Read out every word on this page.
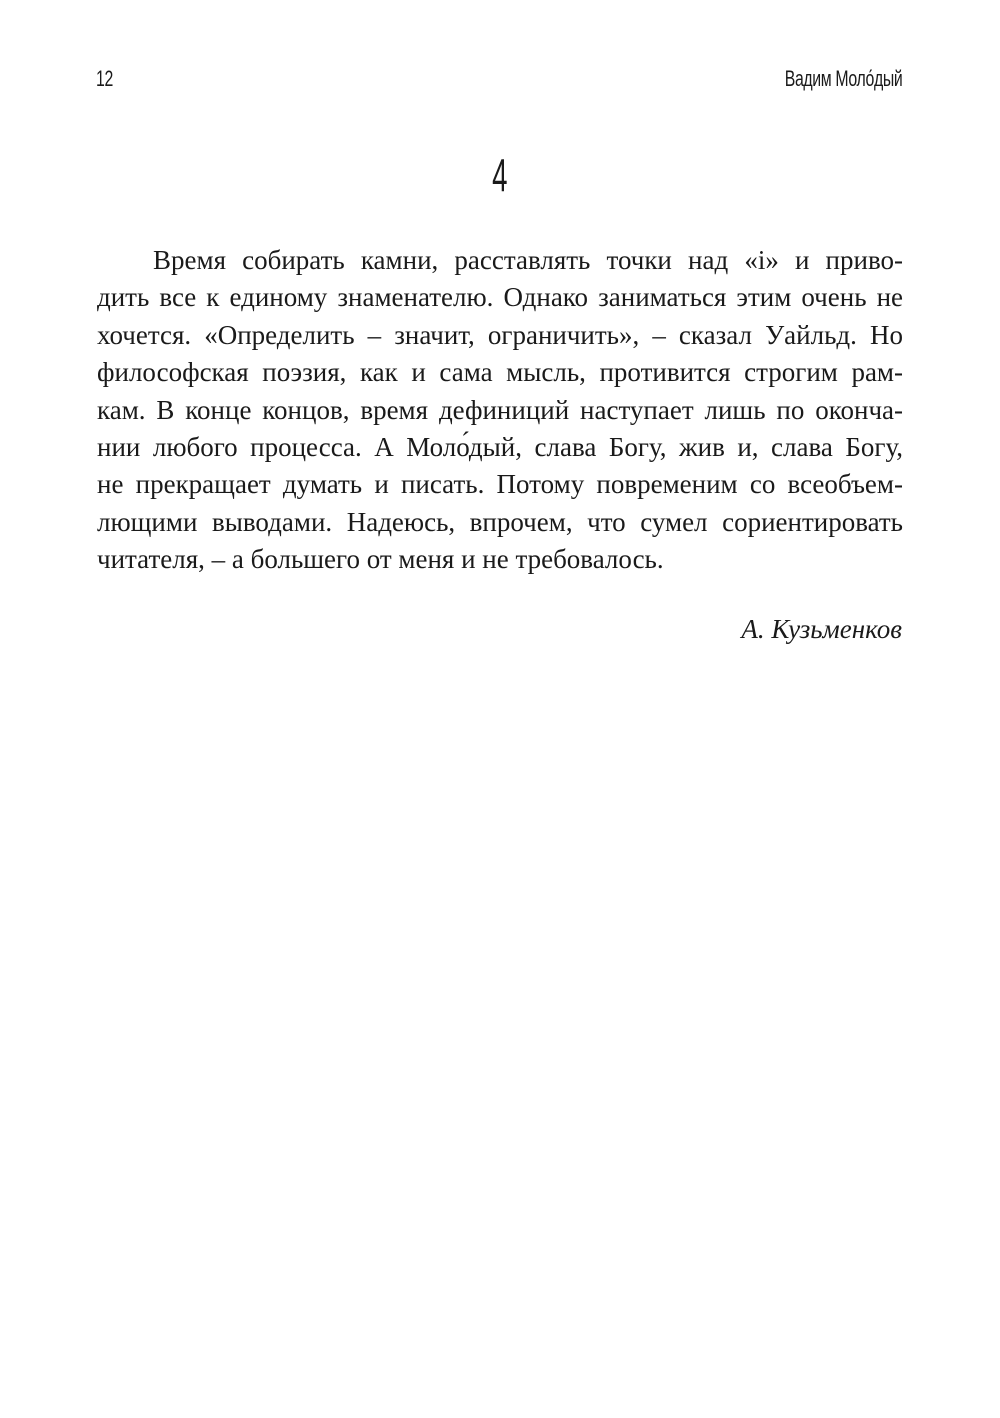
12	Вадим Моло́дый
4

Время собирать камни, расставлять точки над «i» и приво-
дить все к единому знаменателю. Однако заниматься этим очень не
хочется. «Определить – значит, ограничить», – сказал Уайльд. Но
философская поэзия, как и сама мысль, противится строгим рам-
кам. В конце концов, время дефиниций наступает лишь по оконча-
нии любого процесса. А Моло́дый, слава Богу, жив и, слава Богу,
не прекращает думать и писать. Потому повременим со всеобъем-
лющими выводами. Надеюсь, впрочем, что сумел сориентировать
читателя, – а большего от меня и не требовалось.

А. Кузьменков
